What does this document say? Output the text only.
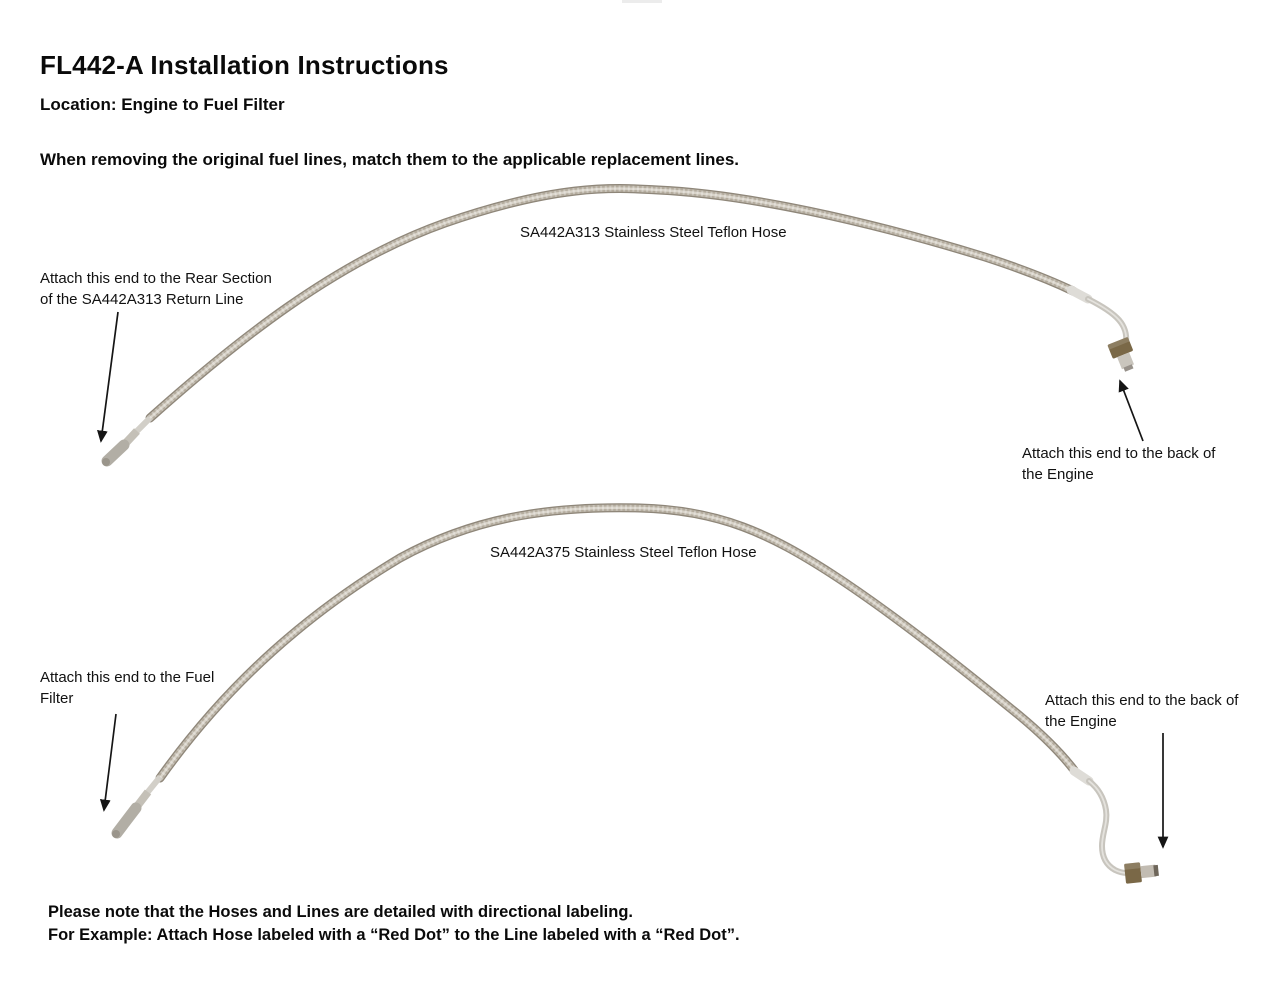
FL442-A Installation Instructions
Location: Engine to Fuel Filter
When removing the original fuel lines, match them to the applicable replacement lines.
SA442A313 Stainless Steel Teflon Hose
Attach this end to the Rear Section
of the SA442A313 Return Line
Attach this end to the back of
the Engine
SA442A375 Stainless Steel Teflon Hose
Attach this end to the Fuel
Filter	Attach this end to the back of
the Engine
Please note that the Hoses and Lines are detailed with directional labeling.
For Example: Attach Hose labeled with a “Red Dot” to the Line labeled with a “Red Dot”.
